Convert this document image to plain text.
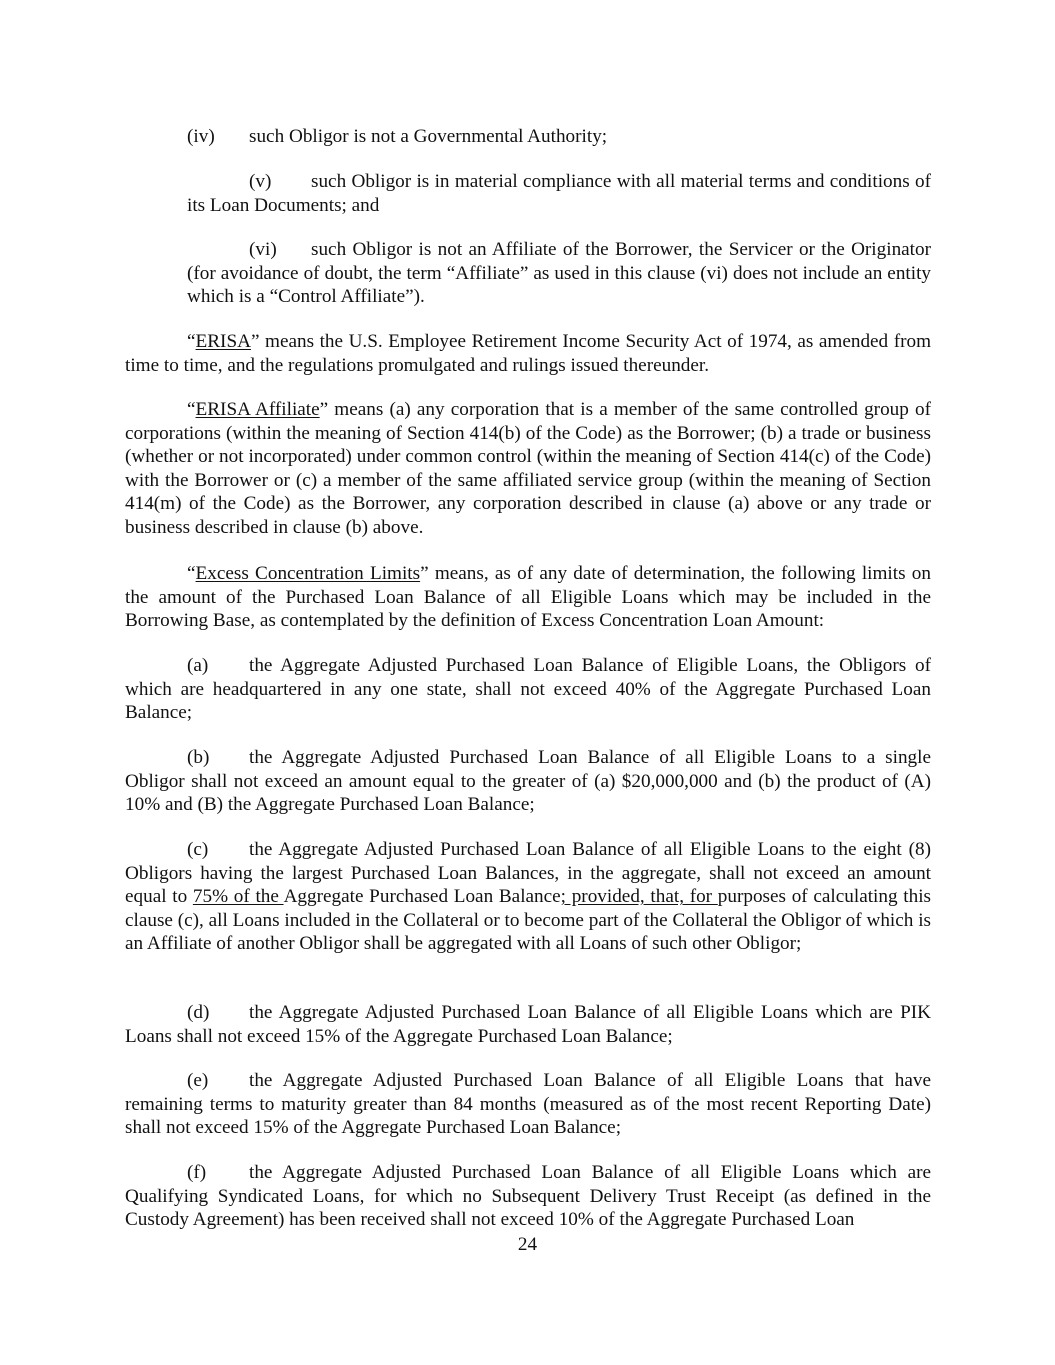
(iv) such Obligor is not a Governmental Authority;

(v) such Obligor is in material compliance with all material terms and conditions of its Loan Documents; and

(vi) such Obligor is not an Affiliate of the Borrower, the Servicer or the Originator (for avoidance of doubt, the term “Affiliate” as used in this clause (vi) does not include an entity which is a “Control Affiliate”).

“ERISA” means the U.S. Employee Retirement Income Security Act of 1974, as amended from time to time, and the regulations promulgated and rulings issued thereunder.

“ERISA Affiliate” means (a) any corporation that is a member of the same controlled group of corporations (within the meaning of Section 414(b) of the Code) as the Borrower; (b) a trade or business (whether or not incorporated) under common control (within the meaning of Section 414(c) of the Code) with the Borrower or (c) a member of the same affiliated service group (within the meaning of Section 414(m) of the Code) as the Borrower, any corporation described in clause (a) above or any trade or business described in clause (b) above.

“Excess Concentration Limits” means, as of any date of determination, the following limits on the amount of the Purchased Loan Balance of all Eligible Loans which may be included in the Borrowing Base, as contemplated by the definition of Excess Concentration Loan Amount:

(a) the Aggregate Adjusted Purchased Loan Balance of Eligible Loans, the Obligors of which are headquartered in any one state, shall not exceed 40% of the Aggregate Purchased Loan Balance;

(b) the Aggregate Adjusted Purchased Loan Balance of all Eligible Loans to a single Obligor shall not exceed an amount equal to the greater of (a) $20,000,000 and (b) the product of (A) 10% and (B) the Aggregate Purchased Loan Balance;

(c) the Aggregate Adjusted Purchased Loan Balance of all Eligible Loans to the eight (8) Obligors having the largest Purchased Loan Balances, in the aggregate, shall not exceed an amount equal to 75% of the Aggregate Purchased Loan Balance; provided, that, for purposes of calculating this clause (c), all Loans included in the Collateral or to become part of the Collateral the Obligor of which is an Affiliate of another Obligor shall be aggregated with all Loans of such other Obligor;

(d) the Aggregate Adjusted Purchased Loan Balance of all Eligible Loans which are PIK Loans shall not exceed 15% of the Aggregate Purchased Loan Balance;

(e) the Aggregate Adjusted Purchased Loan Balance of all Eligible Loans that have remaining terms to maturity greater than 84 months (measured as of the most recent Reporting Date) shall not exceed 15% of the Aggregate Purchased Loan Balance;

(f) the Aggregate Adjusted Purchased Loan Balance of all Eligible Loans which are Qualifying Syndicated Loans, for which no Subsequent Delivery Trust Receipt (as defined in the Custody Agreement) has been received shall not exceed 10% of the Aggregate Purchased Loan

24
